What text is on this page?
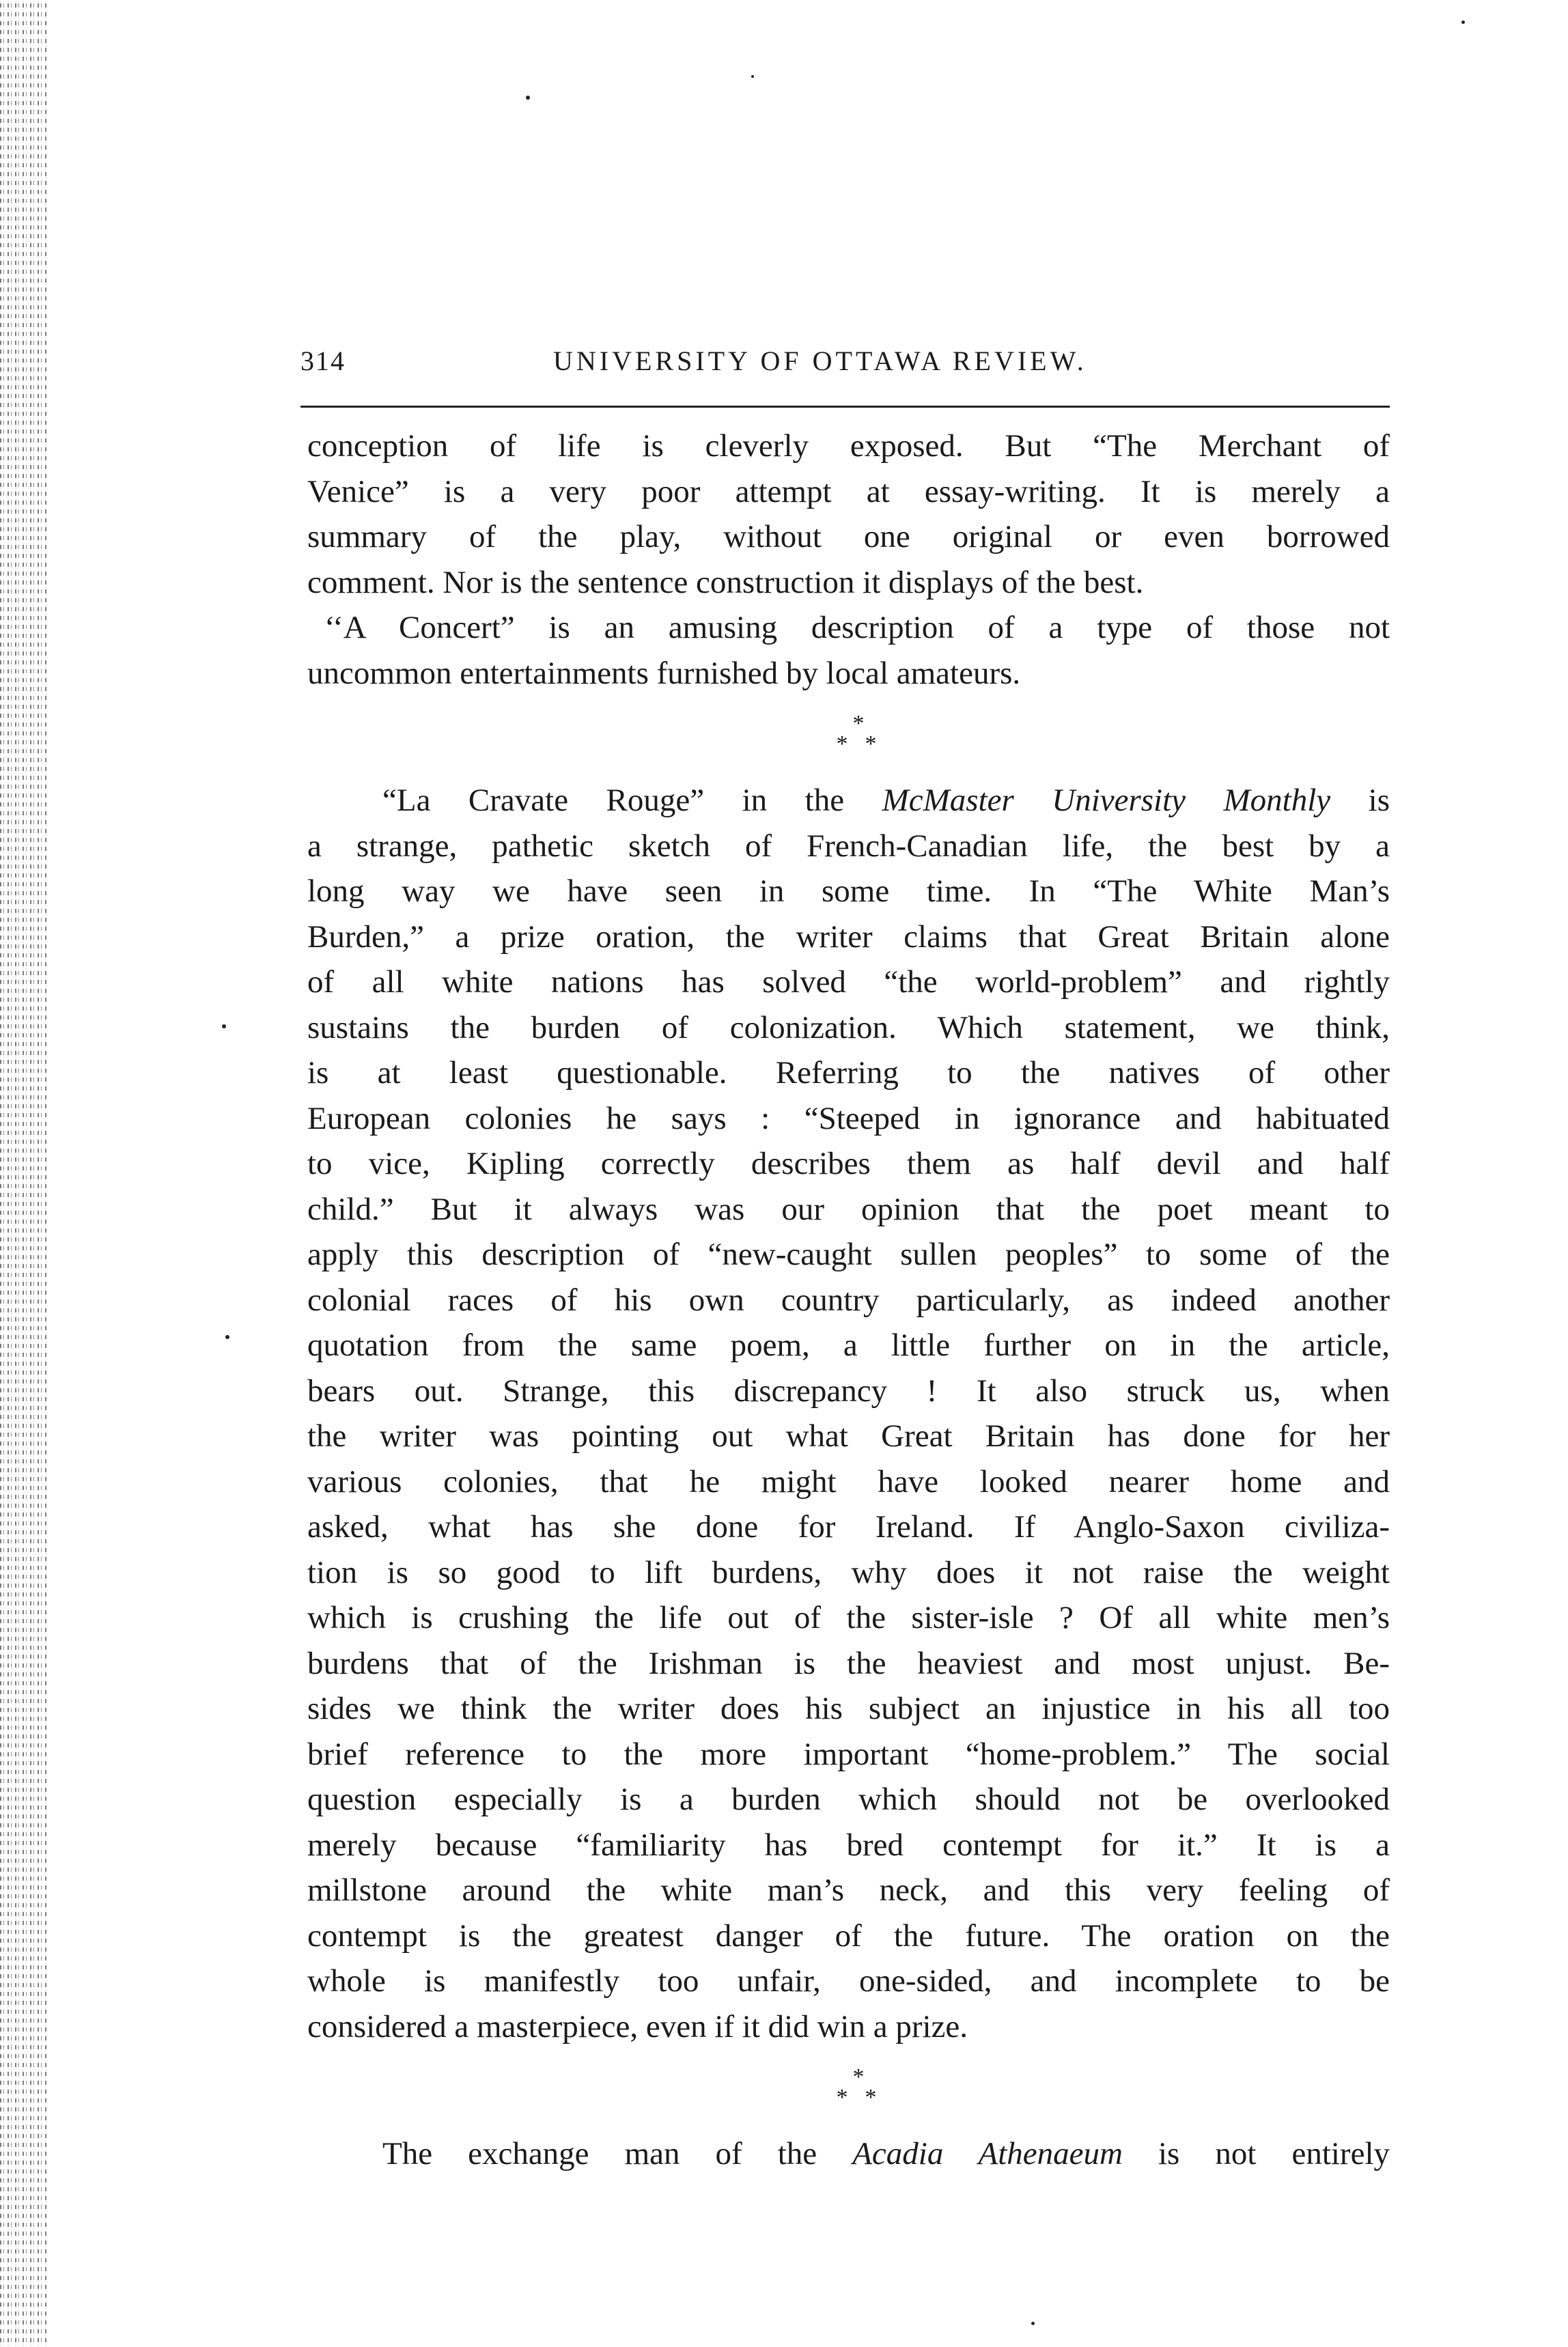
314	UNIVERSITY OF OTTAWA REVIEW.
conception of life is cleverly exposed. But “The Merchant of
Venice” is a very poor attempt at essay-writing. It is merely a
summary of the play, without one original or even borrowed
comment. Nor is the sentence construction it displays of the best.
‘‘A Concert” is an amusing description of a type of those not
uncommon entertainments furnished by local amateurs.
*
* *
“La Cravate Rouge” in the McMaster University Monthly is
a strange, pathetic sketch of French-Canadian life, the best by a
long way we have seen in some time. In “The White Man’s
Burden,” a prize oration, the writer claims that Great Britain alone
of all white nations has solved “the world-problem” and rightly
sustains the burden of colonization. Which statement, we think,
is at least questionable. Referring to the natives of other
European colonies he says : “Steeped in ignorance and habituated
to vice, Kipling correctly describes them as half devil and half
child.” But it always was our opinion that the poet meant to
apply this description of “new-caught sullen peoples” to some of the
colonial races of his own country particularly, as indeed another
quotation from the same poem, a little further on in the article,
bears out. Strange, this discrepancy ! It also struck us, when
the writer was pointing out what Great Britain has done for her
various colonies, that he might have looked nearer home and
asked, what has she done for Ireland. If Anglo-Saxon civiliza-
tion is so good to lift burdens, why does it not raise the weight
which is crushing the life out of the sister-isle ? Of all white men’s
burdens that of the Irishman is the heaviest and most unjust. Be-
sides we think the writer does his subject an injustice in his all too
brief reference to the more important “home-problem.” The social
question especially is a burden which should not be overlooked
merely because “familiarity has bred contempt for it.” It is a
millstone around the white man’s neck, and this very feeling of
contempt is the greatest danger of the future. The oration on the
whole is manifestly too unfair, one-sided, and incomplete to be
considered a masterpiece, even if it did win a prize.
*
* *
The exchange man of the Acadia Athenaeum is not entirely
